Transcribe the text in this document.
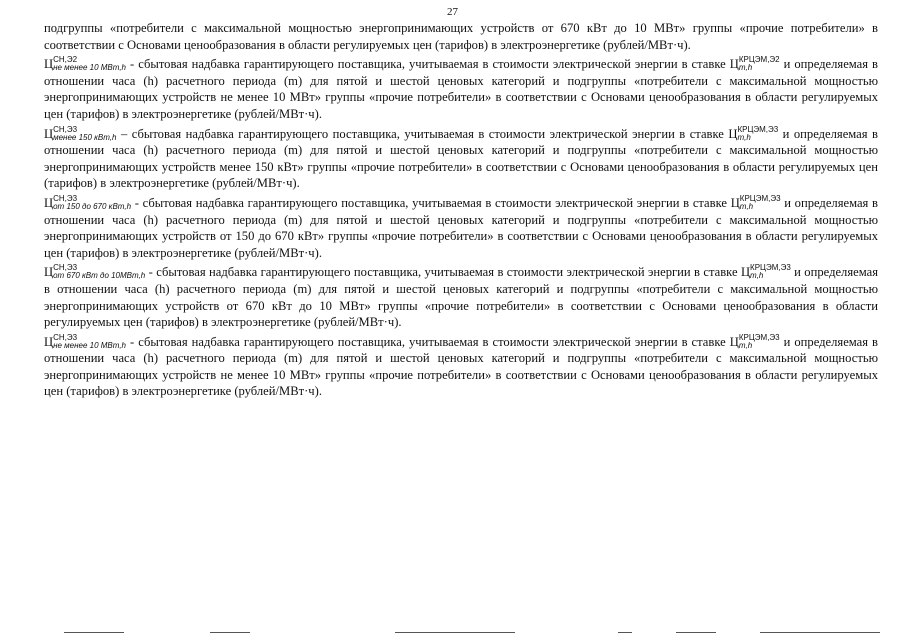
27

подгруппы «потребители с максимальной мощностью энергопринимающих устройств от 670 кВт до 10 МВт» группы «прочие потребители» в соответствии с Основами ценообразования в области регулируемых цен (тарифов) в электроэнергетике (рублей/МВт·ч).

Ц СН,Э2
не менее 10 МВт,h - сбытовая надбавка гарантирующего поставщика, учитываемая в стоимости электрической энергии в ставке Ц КРЦЭМ,Э2
m,h	и определяемая в отношении часа (h) расчетного периода (m) для пятой и шестой ценовых категорий и подгруппы «потребители с максимальной мощностью энергопринимающих устройств не менее 10 МВт» группы «прочие потребители» в соответствии с Основами ценообразования в области регулируемых цен (тарифов) в электроэнергетике (рублей/МВт·ч).

Ц СН,Э3
менее 150 кВт,h – сбытовая надбавка гарантирующего поставщика, учитываемая в стоимости электрической энергии в ставке Ц КРЦЭМ,Э3
m,h	и определяемая в отношении часа (h) расчетного периода (m) для пятой и шестой ценовых категорий и подгруппы «потребители с максимальной мощностью энергопринимающих устройств менее 150 кВт» группы «прочие потребители» в соответствии с Основами ценообразования в области регулируемых цен (тарифов) в электроэнергетике (рублей/МВт·ч).

Ц СН,Э3
от 150 до 670 кВт,h - сбытовая надбавка гарантирующего поставщика, учитываемая в стоимости электрической энергии в ставке Ц КРЦЭМ,Э3
m,h	и определяемая в отношении часа (h) расчетного периода (m) для пятой и шестой ценовых категорий и подгруппы «потребители с максимальной мощностью энергопринимающих устройств от 150 до 670 кВт» группы «прочие потребители» в соответствии с Основами ценообразования в области регулируемых цен (тарифов) в электроэнергетике (рублей/МВт·ч).

Ц СН,Э3
от 670 кВт до 10МВт,h - сбытовая надбавка гарантирующего поставщика, учитываемая в стоимости электрической энергии в ставке Ц КРЦЭМ,Э3
m,h	и определяемая в отношении часа (h) расчетного периода (m) для пятой и шестой ценовых категорий и подгруппы «потребители с максимальной мощностью энергопринимающих устройств от 670 кВт до 10 МВт» группы «прочие потребители» в соответствии с Основами ценообразования в области регулируемых цен (тарифов) в электроэнергетике (рублей/МВт·ч).

Ц СН,Э3
не менее 10 МВт,h - сбытовая надбавка гарантирующего поставщика, учитываемая в стоимости электрической энергии в ставке Ц КРЦЭМ,Э3
m,h	и определяемая в отношении часа (h) расчетного периода (m) для пятой и шестой ценовых категорий и подгруппы «потребители с максимальной мощностью энергопринимающих устройств не менее 10 МВт» группы «прочие потребители» в соответствии с Основами ценообразования в области регулируемых цен (тарифов) в электроэнергетике (рублей/МВт·ч).
